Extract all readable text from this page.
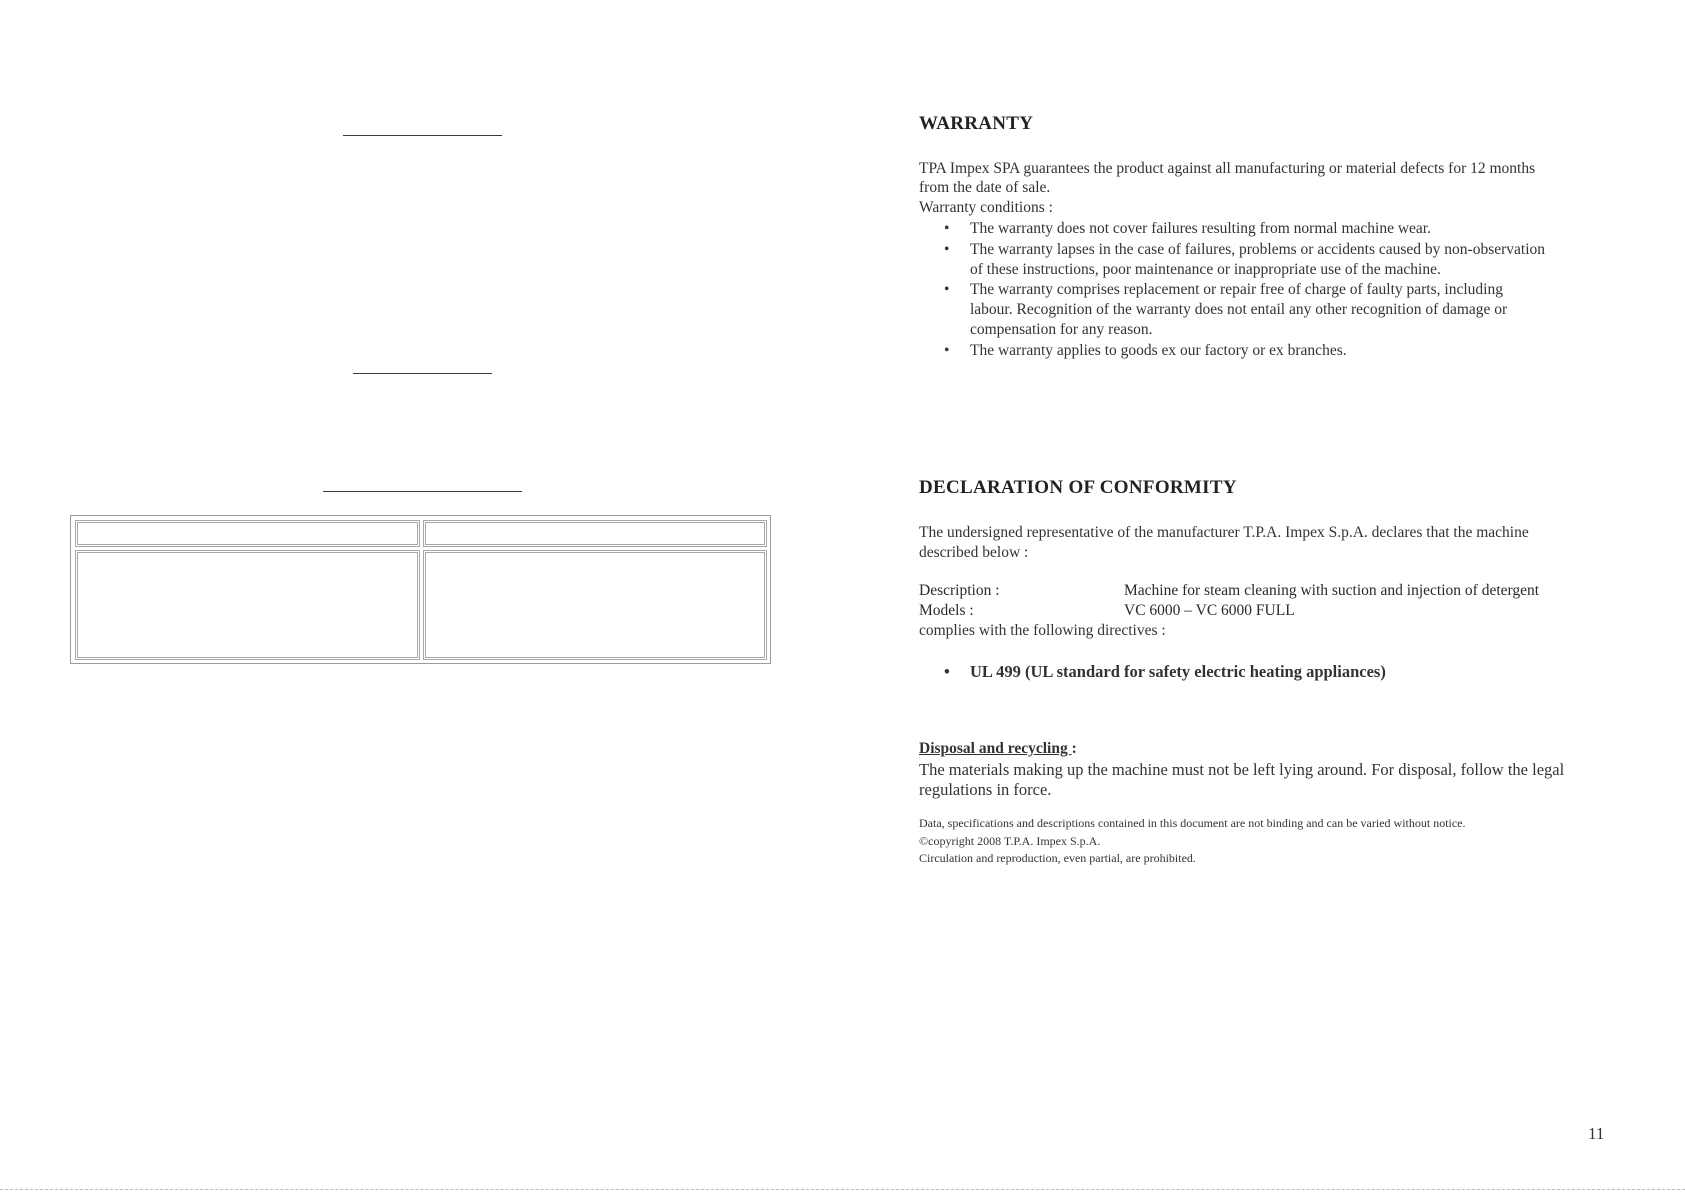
WARRANTY
TPA Impex SPA guarantees the product against all manufacturing or material defects for 12 months
from the date of sale.
Warranty conditions :
• The warranty does not cover failures resulting from normal machine wear.
• The warranty lapses in the case of failures, problems or accidents caused by non-observation
of these instructions, poor maintenance or inappropriate use of the machine.
• The warranty comprises replacement or repair free of charge of faulty parts, including
labour. Recognition of the warranty does not entail any other recognition of damage or
compensation for any reason.
• The warranty applies to goods ex our factory or ex branches.
DECLARATION OF CONFORMITY
The undersigned representative of the manufacturer T.P.A. Impex S.p.A. declares that the machine
described below :
Description :	Machine for steam cleaning with suction and injection of detergent
Models :	VC 6000 – VC 6000 FULL
complies with the following directives :
• UL 499 (UL standard for safety electric heating appliances)
Disposal and recycling :
The materials making up the machine must not be left lying around. For disposal, follow the legal
regulations in force.
Data, specifications and descriptions contained in this document are not binding and can be varied without notice.
©copyright 2008 T.P.A. Impex S.p.A.
Circulation and reproduction, even partial, are prohibited.
11
